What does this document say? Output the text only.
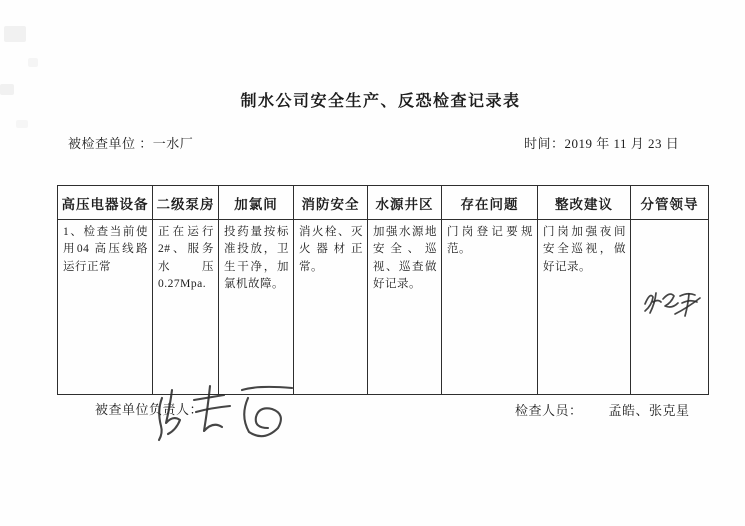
制水公司安全生产、反恐检查记录表
被检查单位 ：一水厂	时间：2019 年 11 月 23 日
高压电器设备	二级泵房	加氯间	消防安全	水源井区	存在问题	整改建议	分管领导
1、检查当前使用04 高压线路运行正常	正在运行2#、服务水压0.27Mpa.	投药量按标准投放，卫生干净，加氯机故障。	消火栓、灭火器材正常。	加强水源地安全、巡视、巡查做好记录。	门岗登记要规范。	门岗加强夜间安全巡视，做好记录。	
被查单位负责人：	检查人员： 孟皓、张克星
